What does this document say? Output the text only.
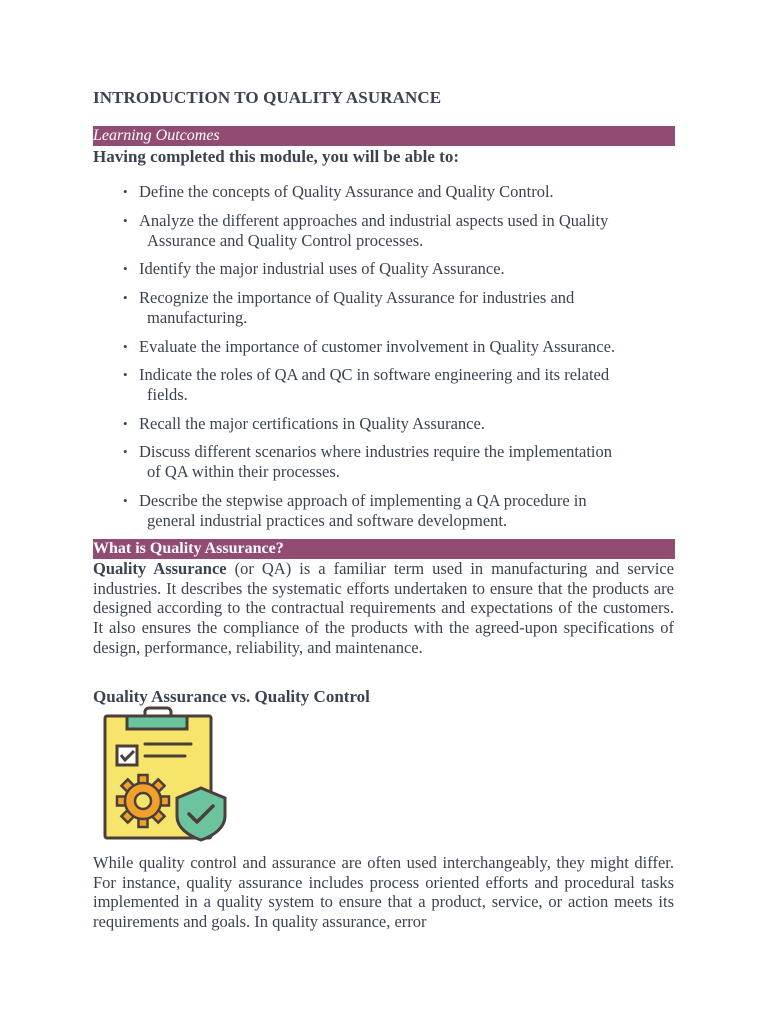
INTRODUCTION TO QUALITY ASURANCE
Learning Outcomes
Having completed this module, you will be able to:
• Define the concepts of Quality Assurance and Quality Control.
• Analyze the different approaches and industrial aspects used in Quality
Assurance and Quality Control processes.
• Identify the major industrial uses of Quality Assurance.
• Recognize the importance of Quality Assurance for industries and
manufacturing.
• Evaluate the importance of customer involvement in Quality Assurance.
• Indicate the roles of QA and QC in software engineering and its related
fields.
• Recall the major certifications in Quality Assurance.
• Discuss different scenarios where industries require the implementation
of QA within their processes.
• Describe the stepwise approach of implementing a QA procedure in
general industrial practices and software development.
What is Quality Assurance?
Quality Assurance (or QA) is a familiar term used in manufacturing and service industries. It describes the systematic efforts undertaken to ensure that the products are designed according to the contractual requirements and expectations of the customers. It also ensures the compliance of the products with the agreed-upon specifications of design, performance, reliability, and maintenance.
Quality Assurance vs. Quality Control
While quality control and assurance are often used interchangeably, they might differ. For instance, quality assurance includes process oriented efforts and procedural tasks implemented in a quality system to ensure that a product, service, or action meets its requirements and goals. In quality assurance, error
